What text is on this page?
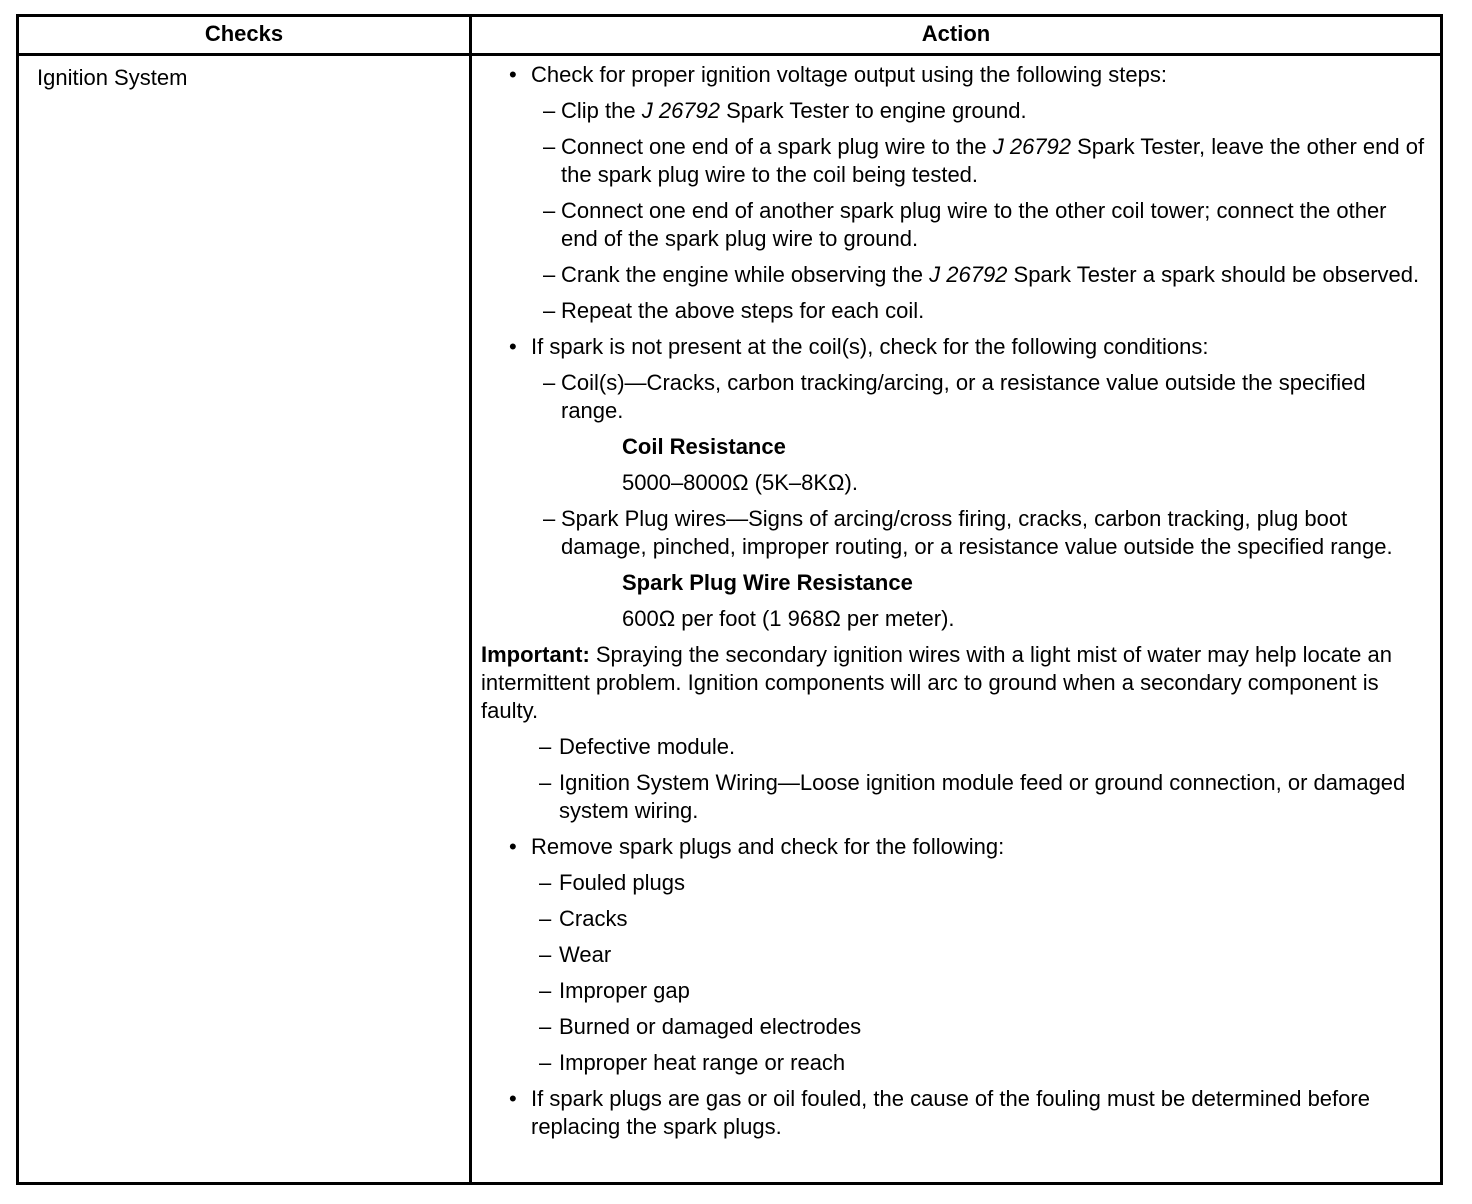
Checks	Action
Ignition System	• Check for proper ignition voltage output using the following steps:
– Clip the J 26792 Spark Tester to engine ground.
– Connect one end of a spark plug wire to the J 26792 Spark Tester, leave the other end of the spark plug wire to the coil being tested.
– Connect one end of another spark plug wire to the other coil tower; connect the other end of the spark plug wire to ground.
– Crank the engine while observing the J 26792 Spark Tester a spark should be observed.
– Repeat the above steps for each coil.
• If spark is not present at the coil(s), check for the following conditions:
– Coil(s)—Cracks, carbon tracking/arcing, or a resistance value outside the specified range.
Coil Resistance
5000–8000Ω (5K–8KΩ).
– Spark Plug wires—Signs of arcing/cross firing, cracks, carbon tracking, plug boot damage, pinched, improper routing, or a resistance value outside the specified range.
Spark Plug Wire Resistance
600Ω per foot (1 968Ω per meter).
Important: Spraying the secondary ignition wires with a light mist of water may help locate an intermittent problem. Ignition components will arc to ground when a secondary component is faulty.
– Defective module.
– Ignition System Wiring—Loose ignition module feed or ground connection, or damaged system wiring.
• Remove spark plugs and check for the following:
– Fouled plugs
– Cracks
– Wear
– Improper gap
– Burned or damaged electrodes
– Improper heat range or reach
• If spark plugs are gas or oil fouled, the cause of the fouling must be determined before replacing the spark plugs.
